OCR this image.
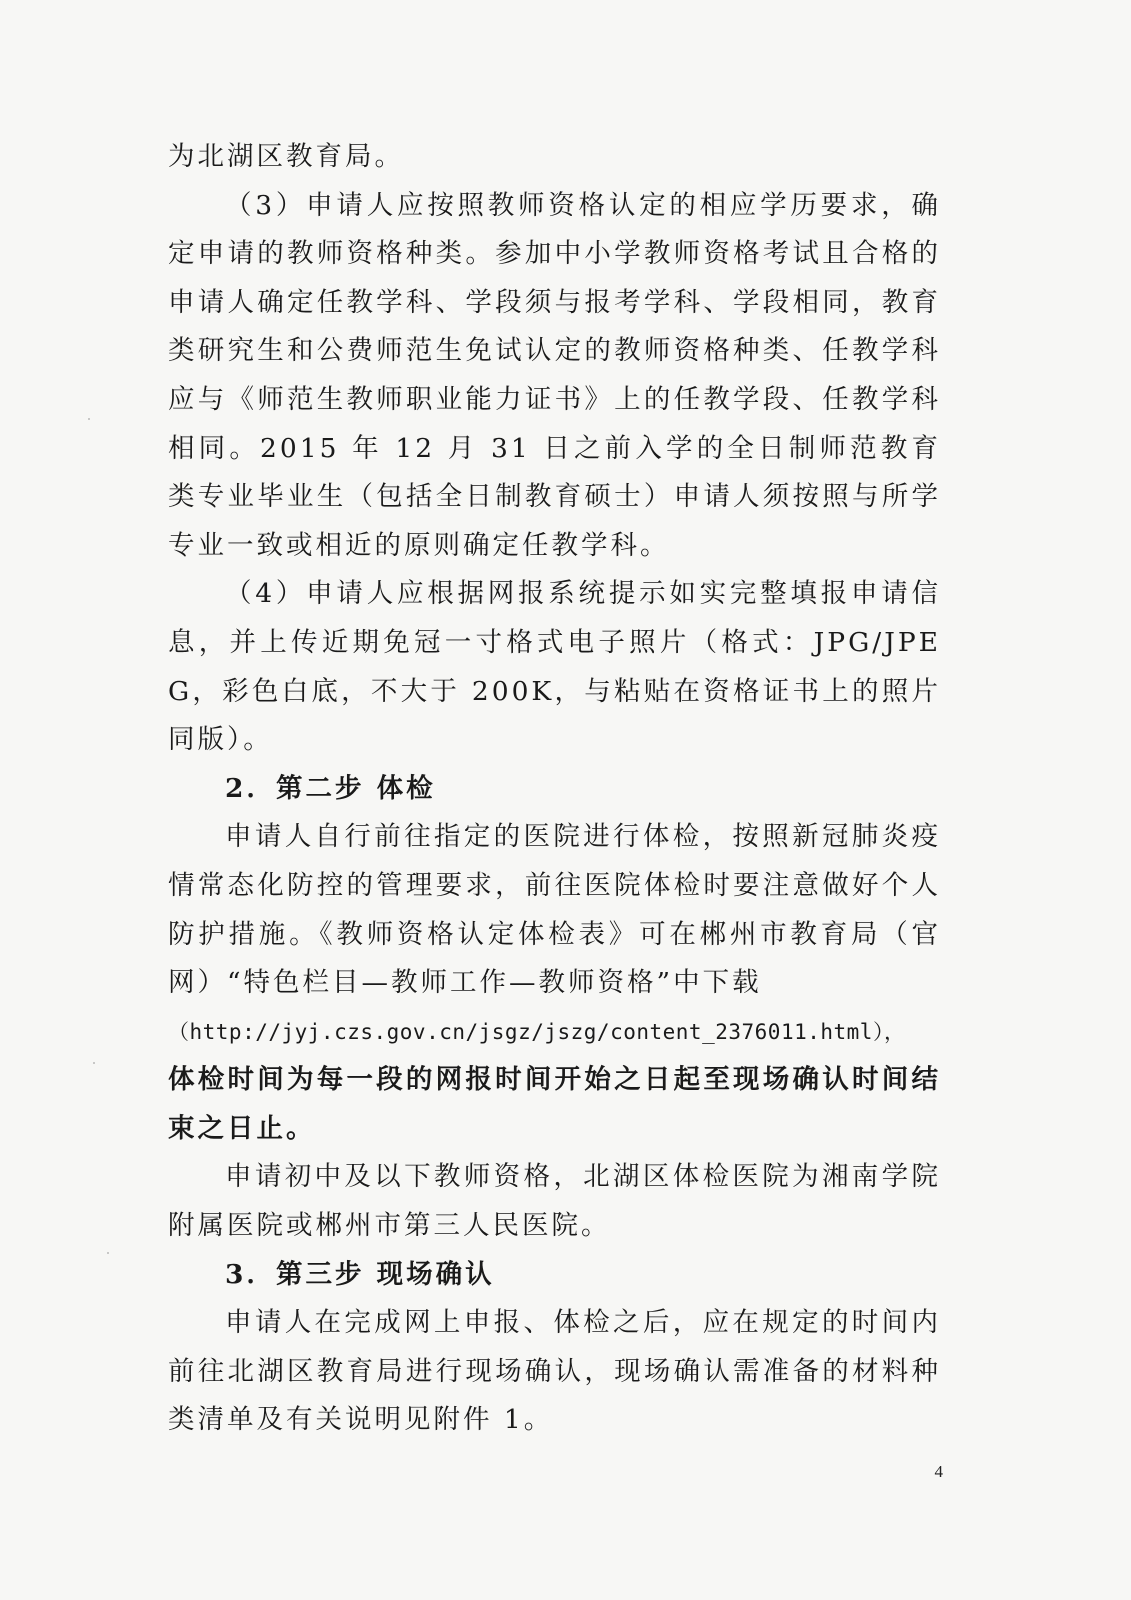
为北湖区教育局。

（3）申请人应按照教师资格认定的相应学历要求，确定申请的教师资格种类。参加中小学教师资格考试且合格的申请人确定任教学科、学段须与报考学科、学段相同，教育类研究生和公费师范生免试认定的教师资格种类、任教学科应与《师范生教师职业能力证书》上的任教学段、任教学科相同。2015 年 12 月 31 日之前入学的全日制师范教育类专业毕业生（包括全日制教育硕士）申请人须按照与所学专业一致或相近的原则确定任教学科。

（4）申请人应根据网报系统提示如实完整填报申请信息，并上传近期免冠一寸格式电子照片（格式：JPG/JPEG，彩色白底，不大于 200K，与粘贴在资格证书上的照片同版）。

2．第二步 体检

申请人自行前往指定的医院进行体检，按照新冠肺炎疫情常态化防控的管理要求，前往医院体检时要注意做好个人防护措施。《教师资格认定体检表》可在郴州市教育局（官网）“特色栏目—教师工作—教师资格”中下载

（http://jyj.czs.gov.cn/jsgz/jszg/content_2376011.html），

体检时间为每一段的网报时间开始之日起至现场确认时间结束之日止。

申请初中及以下教师资格，北湖区体检医院为湘南学院附属医院或郴州市第三人民医院。

3．第三步 现场确认

申请人在完成网上申报、体检之后，应在规定的时间内前往北湖区教育局进行现场确认，现场确认需准备的材料种类清单及有关说明见附件 1。

4
